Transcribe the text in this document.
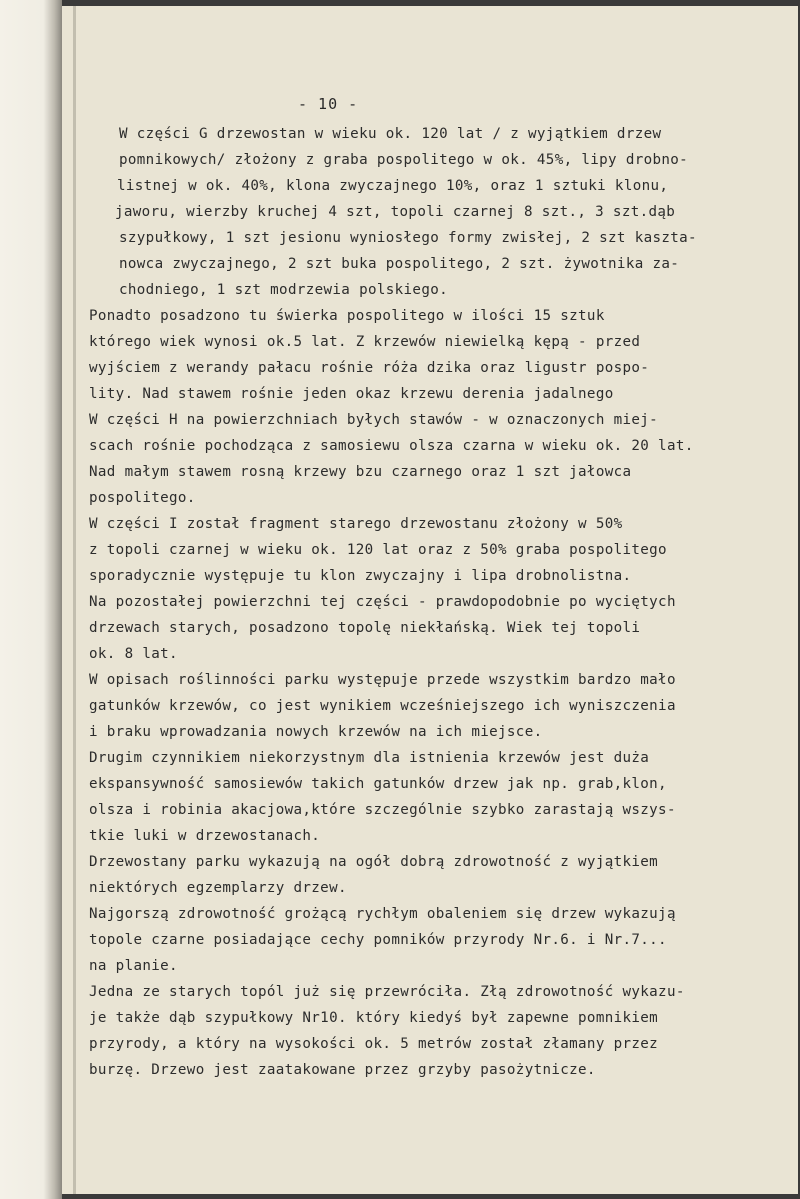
- 10 -
W części G drzewostan w wieku ok. 120 lat / z wyjątkiem drzew
pomnikowych/ złożony z graba pospolitego w ok. 45%, lipy drobno-
listnej w ok. 40%, klona zwyczajnego 10%, oraz 1 sztuki klonu,
jaworu, wierzby kruchej 4 szt, topoli czarnej 8 szt., 3 szt.dąb
szypułkowy, 1 szt jesionu wyniosłego formy zwisłej, 2 szt kaszta-
nowca zwyczajnego, 2 szt buka pospolitego, 2 szt. żywotnika za-
chodniego, 1 szt modrzewia polskiego.
Ponadto posadzono tu świerka pospolitego w ilości 15 sztuk
którego wiek wynosi ok.5 lat. Z krzewów niewielką kępą - przed
wyjściem z werandy pałacu rośnie róża dzika oraz ligustr pospo-
lity. Nad stawem rośnie jeden okaz krzewu derenia jadalnego
W części H na powierzchniach byłych stawów - w oznaczonych miej-
scach rośnie pochodząca z samosiewu olsza czarna w wieku ok. 20 lat.
Nad małym stawem rosną krzewy bzu czarnego oraz 1 szt jałowca
pospolitego.
W części I został fragment starego drzewostanu złożony w 50%
z topoli czarnej w wieku ok. 120 lat oraz z 50% graba pospolitego
sporadycznie występuje tu klon zwyczajny i lipa drobnolistna.
Na pozostałej powierzchni tej części - prawdopodobnie po wyciętych
drzewach starych, posadzono topolę niekłańską. Wiek tej topoli
ok. 8 lat.
W opisach roślinności parku występuje przede wszystkim bardzo mało
gatunków krzewów, co jest wynikiem wcześniejszego ich wyniszczenia
i braku wprowadzania nowych krzewów na ich miejsce.
Drugim czynnikiem niekorzystnym dla istnienia krzewów jest duża
ekspansywność samosiewów takich gatunków drzew jak np. grab,klon,
olsza i robinia akacjowa,które szczególnie szybko zarastają wszys-
tkie luki w drzewostanach.
Drzewostany parku wykazują na ogół dobrą zdrowotność z wyjątkiem
niektórych egzemplarzy drzew.
Najgorszą zdrowotność grożącą rychłym obaleniem się drzew wykazują
topole czarne posiadające cechy pomników przyrody Nr.6. i Nr.7...
na planie.
Jedna ze starych topól już się przewróciła. Złą zdrowotność wykazu-
je także dąb szypułkowy Nr10. który kiedyś był zapewne pomnikiem
przyrody, a który na wysokości ok. 5 metrów został złamany przez
burzę. Drzewo jest zaatakowane przez grzyby pasożytnicze.
